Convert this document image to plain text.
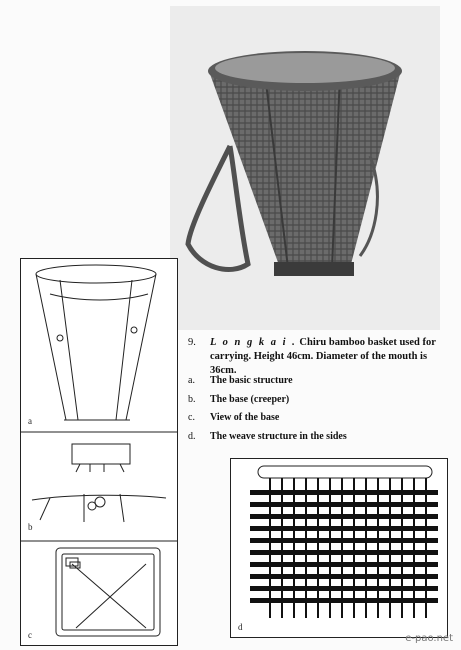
a
b
c
9. L o n g k a i . Chiru bamboo basket used for carrying. Height 46cm. Diameter of the mouth is 36cm.
a. The basic structure
b. The base (creeper)
c. View of the base
d. The weave structure in the sides
d
e-pao.net
